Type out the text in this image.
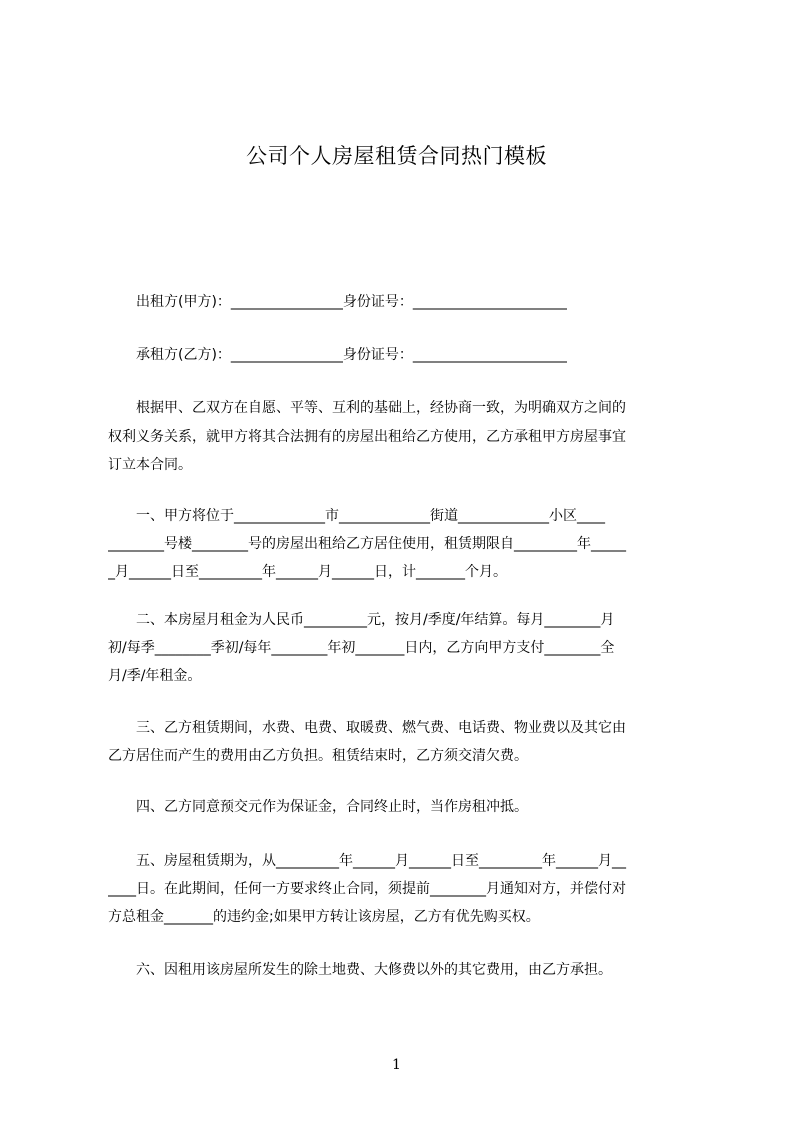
公司个人房屋租赁合同热门模板
　　出租方(甲方)：________________身份证号：______________________
　　承租方(乙方)：________________身份证号：______________________
　　根据甲、乙双方在自愿、平等、互利的基础上，经协商一致，为明确双方之间的
权利义务关系，就甲方将其合法拥有的房屋出租给乙方使用，乙方承租甲方房屋事宜
订立本合同。
　　一、甲方将位于_____________市_____________街道_____________小区____
________号楼________号的房屋出租给乙方居住使用，租赁期限自_________年_____
_月______日至_________年______月______日，计_______个月。
　　二、本房屋月租金为人民币_________元，按月/季度/年结算。每月________月
初/每季________季初/每年________年初_______日内，乙方向甲方支付________全
月/季/年租金。
　　三、乙方租赁期间，水费、电费、取暖费、燃气费、电话费、物业费以及其它由
乙方居住而产生的费用由乙方负担。租赁结束时，乙方须交清欠费。
　　四、乙方同意预交元作为保证金，合同终止时，当作房租冲抵。
　　五、房屋租赁期为，从_________年______月______日至_________年______月__
____日。在此期间，任何一方要求终止合同，须提前________月通知对方，并偿付对
方总租金_______的违约金;如果甲方转让该房屋，乙方有优先购买权。
　　六、因租用该房屋所发生的除土地费、大修费以外的其它费用，由乙方承担。
1
